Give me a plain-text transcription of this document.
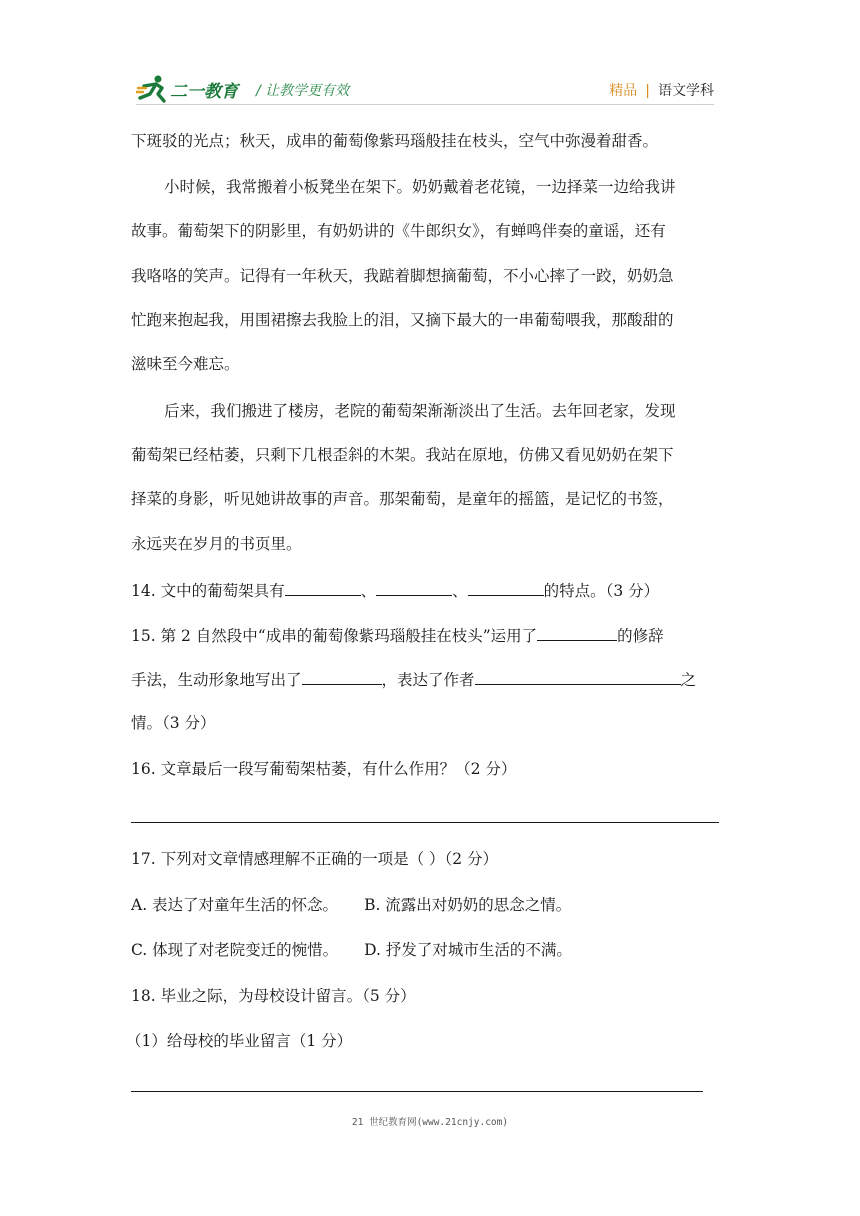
二一教育 / 让教学更有效	精品 | 语文学科
下斑驳的光点；秋天，成串的葡萄像紫玛瑙般挂在枝头，空气中弥漫着甜香。
小时候，我常搬着小板凳坐在架下。奶奶戴着老花镜，一边择菜一边给我讲
故事。葡萄架下的阴影里，有奶奶讲的《牛郎织女》，有蝉鸣伴奏的童谣，还有
我咯咯的笑声。记得有一年秋天，我踮着脚想摘葡萄，不小心摔了一跤，奶奶急
忙跑来抱起我，用围裙擦去我脸上的泪，又摘下最大的一串葡萄喂我，那酸甜的
滋味至今难忘。
后来，我们搬进了楼房，老院的葡萄架渐渐淡出了生活。去年回老家，发现
葡萄架已经枯萎，只剩下几根歪斜的木架。我站在原地，仿佛又看见奶奶在架下
择菜的身影，听见她讲故事的声音。那架葡萄，是童年的摇篮，是记忆的书签，
永远夹在岁月的书页里。
14. 文中的葡萄架具有	、	、	的特点。（3 分）
15. 第 2 自然段中“成串的葡萄像紫玛瑙般挂在枝头”运用了	的修辞
手法，生动形象地写出了	，表达了作者	之
情。（3 分）
16. 文章最后一段写葡萄架枯萎，有什么作用？（2 分）
17. 下列对文章情感理解不正确的一项是（ ）（2 分）
A. 表达了对童年生活的怀念。 B. 流露出对奶奶的思念之情。
C. 体现了对老院变迁的惋惜。 D. 抒发了对城市生活的不满。
18. 毕业之际，为母校设计留言。（5 分）
（1）给母校的毕业留言（1 分）
21 世纪教育网(www.21cnjy.com)
